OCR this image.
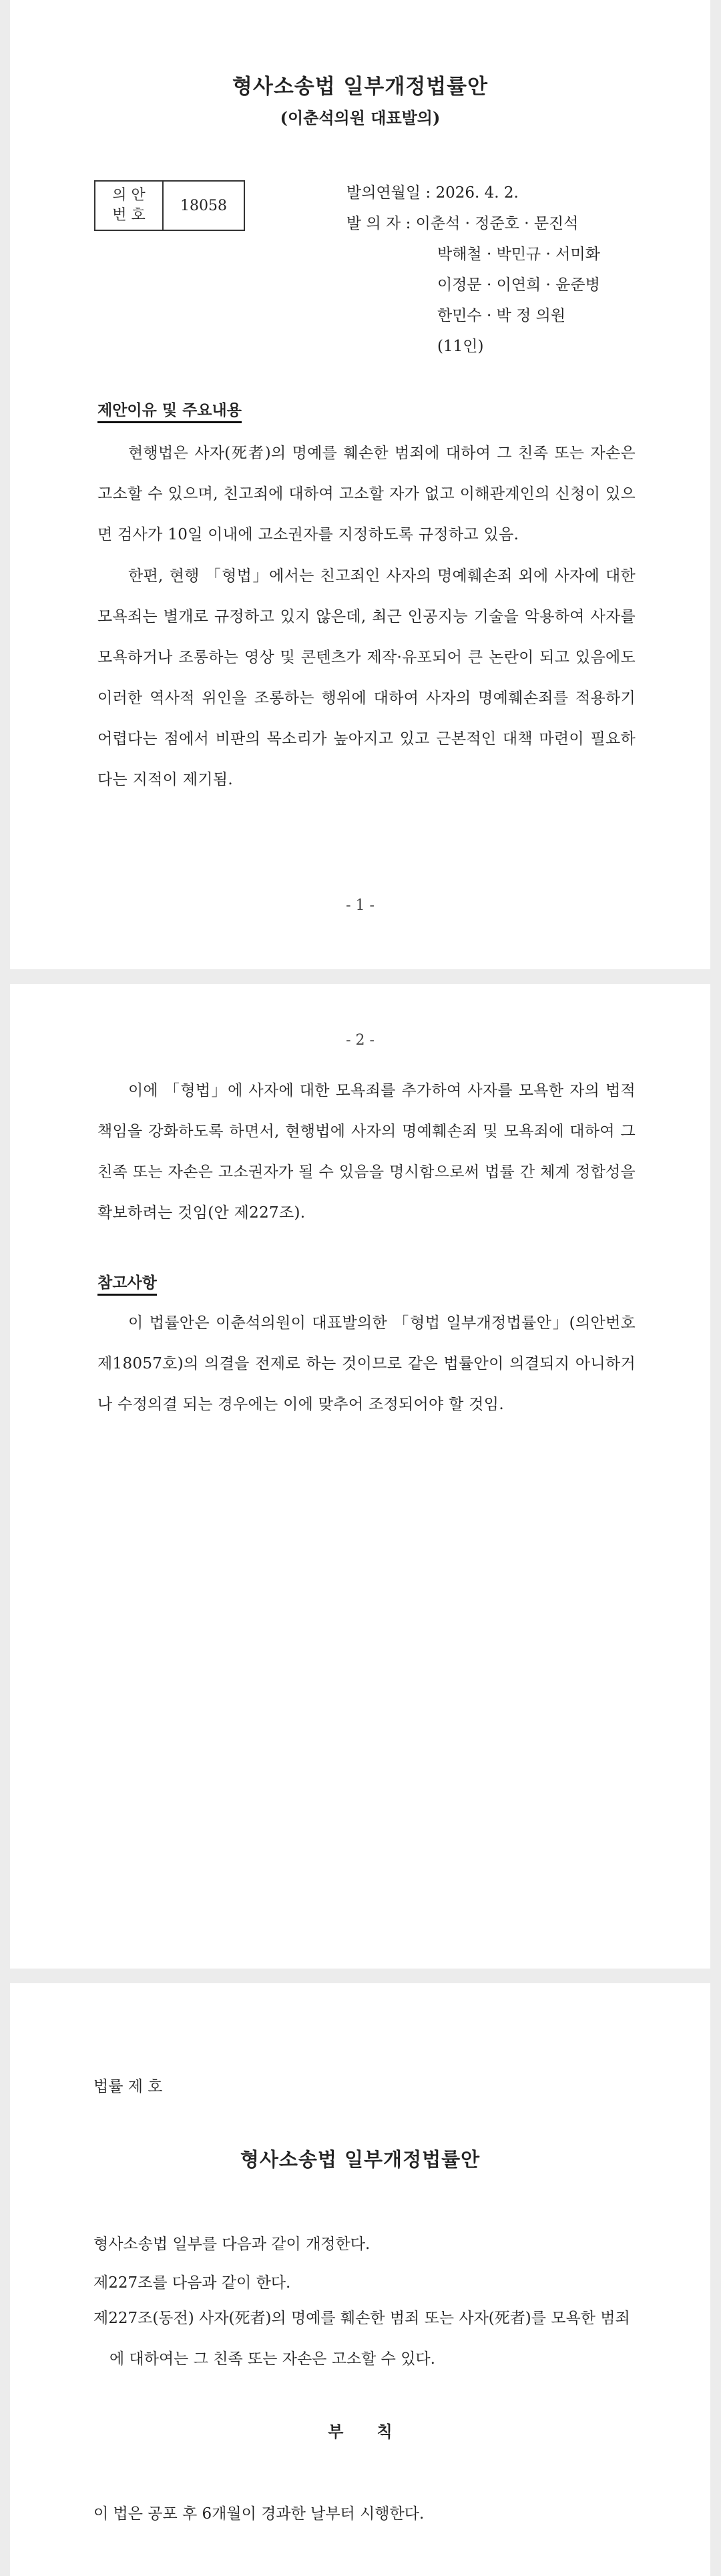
형사소송법 일부개정법률안
(이춘석의원 대표발의)
의 안
번 호
18058
발의연월일 : 2026. 4. 2.
발 의 자 : 이춘석 · 정준호 · 문진석
박해철 · 박민규 · 서미화
이정문 · 이연희 · 윤준병
한민수 · 박 정 의원
(11인)
제안이유 및 주요내용
현행법은 사자(死者)의 명예를 훼손한 범죄에 대하여 그 친족 또는 자손은 고소할 수 있으며, 친고죄에 대하여 고소할 자가 없고 이해관계인의 신청이 있으면 검사가 10일 이내에 고소권자를 지정하도록 규정하고 있음.
한편, 현행 「형법」에서는 친고죄인 사자의 명예훼손죄 외에 사자에 대한 모욕죄는 별개로 규정하고 있지 않은데, 최근 인공지능 기술을 악용하여 사자를 모욕하거나 조롱하는 영상 및 콘텐츠가 제작·유포되어 큰 논란이 되고 있음에도 이러한 역사적 위인을 조롱하는 행위에 대하여 사자의 명예훼손죄를 적용하기 어렵다는 점에서 비판의 목소리가 높아지고 있고 근본적인 대책 마련이 필요하다는 지적이 제기됨.
- 1 -
- 2 -
이에 「형법」에 사자에 대한 모욕죄를 추가하여 사자를 모욕한 자의 법적 책임을 강화하도록 하면서, 현행법에 사자의 명예훼손죄 및 모욕죄에 대하여 그 친족 또는 자손은 고소권자가 될 수 있음을 명시함으로써 법률 간 체계 정합성을 확보하려는 것임(안 제227조).
참고사항
이 법률안은 이춘석의원이 대표발의한 「형법 일부개정법률안」(의안번호 제18057호)의 의결을 전제로 하는 것이므로 같은 법률안이 의결되지 아니하거나 수정의결 되는 경우에는 이에 맞추어 조정되어야 할 것임.
법률 제 호
형사소송법 일부개정법률안
형사소송법 일부를 다음과 같이 개정한다.
제227조를 다음과 같이 한다.
제227조(동전) 사자(死者)의 명예를 훼손한 범죄 또는 사자(死者)를 모욕한 범죄에 대하여는 그 친족 또는 자손은 고소할 수 있다.
부      칙
이 법은 공포 후 6개월이 경과한 날부터 시행한다.
